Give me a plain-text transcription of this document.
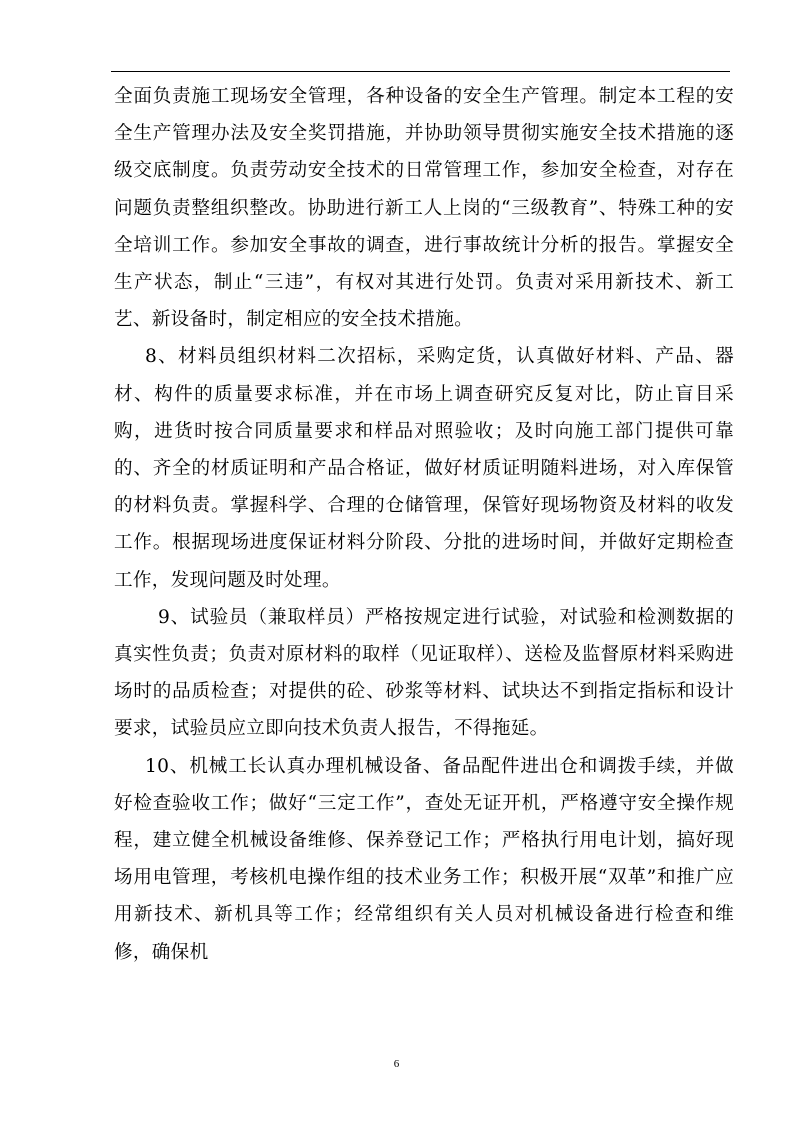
全面负责施工现场安全管理，各种设备的安全生产管理。制定本工程的安全生产管理办法及安全奖罚措施，并协助领导贯彻实施安全技术措施的逐级交底制度。负责劳动安全技术的日常管理工作，参加安全检查，对存在问题负责整组织整改。协助进行新工人上岗的“三级教育”、特殊工种的安全培训工作。参加安全事故的调查，进行事故统计分析的报告。掌握安全生产状态，制止“三违”，有权对其进行处罚。负责对采用新技术、新工艺、新设备时，制定相应的安全技术措施。

8、材料员组织材料二次招标，采购定货，认真做好材料、产品、器材、构件的质量要求标准，并在市场上调查研究反复对比，防止盲目采购，进货时按合同质量要求和样品对照验收；及时向施工部门提供可靠的、齐全的材质证明和产品合格证，做好材质证明随料进场，对入库保管的材料负责。掌握科学、合理的仓储管理，保管好现场物资及材料的收发工作。根据现场进度保证材料分阶段、分批的进场时间，并做好定期检查工作，发现问题及时处理。

9、试验员（兼取样员）严格按规定进行试验，对试验和检测数据的真实性负责；负责对原材料的取样（见证取样）、送检及监督原材料采购进场时的品质检查；对提供的砼、砂浆等材料、试块达不到指定指标和设计要求，试验员应立即向技术负责人报告，不得拖延。

10、机械工长认真办理机械设备、备品配件进出仓和调拨手续，并做好检查验收工作；做好“三定工作”，查处无证开机，严格遵守安全操作规程，建立健全机械设备维修、保养登记工作；严格执行用电计划，搞好现场用电管理，考核机电操作组的技术业务工作；积极开展“双革”和推广应用新技术、新机具等工作；经常组织有关人员对机械设备进行检查和维修，确保机

6
